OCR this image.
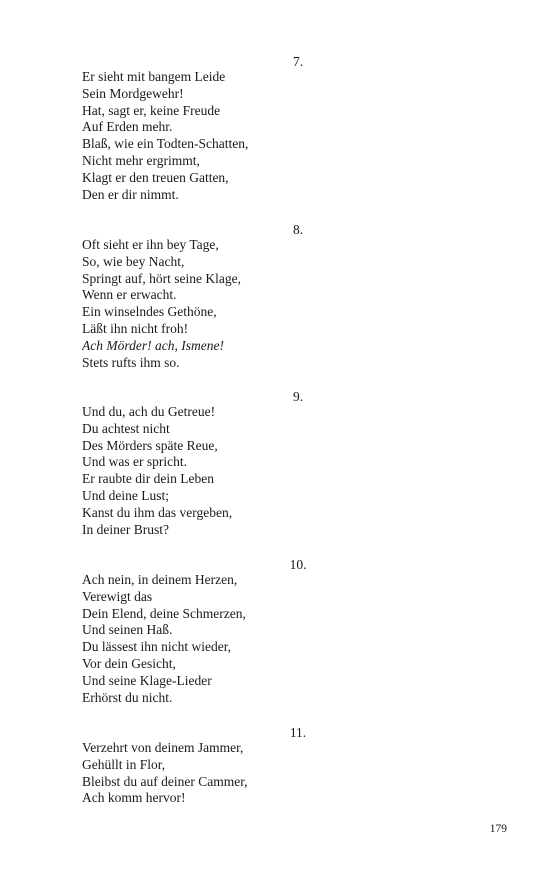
7.
Er sieht mit bangem Leide
Sein Mordgewehr!
Hat, sagt er, keine Freude
Auf Erden mehr.
Blaß, wie ein Todten-Schatten,
Nicht mehr ergrimmt,
Klagt er den treuen Gatten,
Den er dir nimmt.
8.
Oft sieht er ihn bey Tage,
So, wie bey Nacht,
Springt auf, hört seine Klage,
Wenn er erwacht.
Ein winselndes Gethöne,
Läßt ihn nicht froh!
Ach Mörder! ach, Ismene!
Stets rufts ihm so.
9.
Und du, ach du Getreue!
Du achtest nicht
Des Mörders späte Reue,
Und was er spricht.
Er raubte dir dein Leben
Und deine Lust;
Kanst du ihm das vergeben,
In deiner Brust?
10.
Ach nein, in deinem Herzen,
Verewigt das
Dein Elend, deine Schmerzen,
Und seinen Haß.
Du lässest ihn nicht wieder,
Vor dein Gesicht,
Und seine Klage-Lieder
Erhörst du nicht.
11.
Verzehrt von deinem Jammer,
Gehüllt in Flor,
Bleibst du auf deiner Cammer,
Ach komm hervor!
179
